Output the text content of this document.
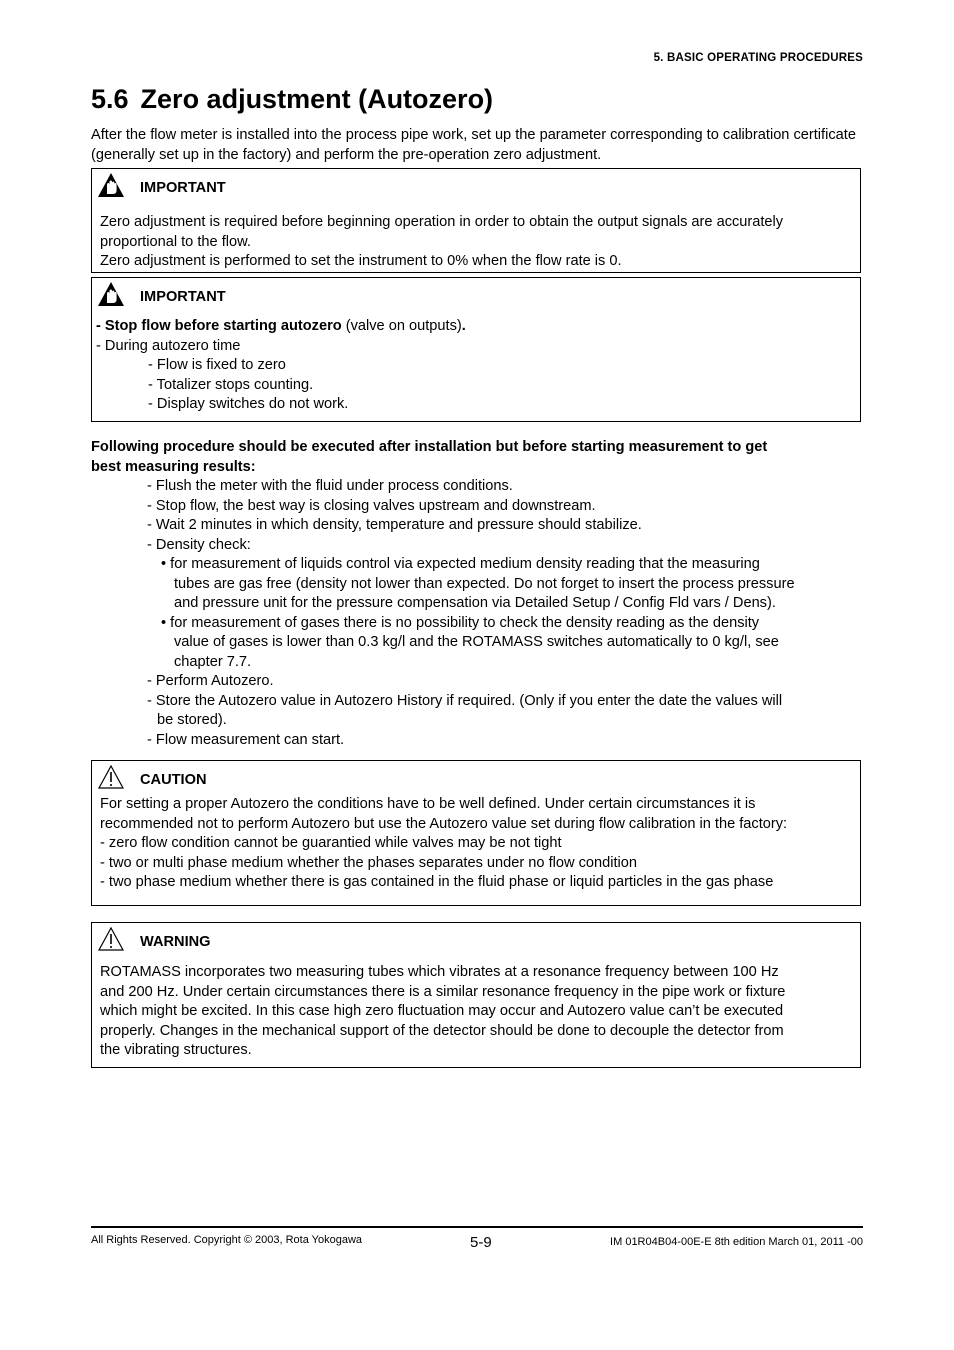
5. BASIC OPERATING PROCEDURES
5.6 Zero adjustment (Autozero)
After the flow meter is installed into the process pipe work, set up the parameter corresponding to calibration certificate (generally set up in the factory) and perform the pre-operation zero adjustment.
IMPORTANT
Zero adjustment is required before beginning operation in order to obtain the output signals are accurately
proportional to the flow.
Zero adjustment is performed to set the instrument to 0% when the flow rate is 0.
IMPORTANT
- Stop flow before starting autozero (valve on outputs).
- During autozero time
- Flow is fixed to zero
- Totalizer stops counting.
- Display switches do not work.
Following procedure should be executed after installation but before starting measurement to get
best measuring results:
- Flush the meter with the fluid under process conditions.
- Stop flow, the best way is closing valves upstream and downstream.
- Wait 2 minutes in which density, temperature and pressure should stabilize.
- Density check:
• for measurement of liquids control via expected medium density reading that the measuring
tubes are gas free (density not lower than expected. Do not forget to insert the process pressure
and pressure unit for the pressure compensation via Detailed Setup / Config Fld vars / Dens).
• for measurement of gases there is no possibility to check the density reading as the density
value of gases is lower than 0.3 kg/l and the ROTAMASS switches automatically to 0 kg/l, see
chapter 7.7.
- Perform Autozero.
- Store the Autozero value in Autozero History if required. (Only if you enter the date the values will
be stored).
- Flow measurement can start.
CAUTION
For setting a proper Autozero the conditions have to be well defined. Under certain circumstances it is
recommended not to perform Autozero but use the Autozero value set during flow calibration in the factory:
- zero flow condition cannot be guarantied while valves may be not tight
- two or multi phase medium whether the phases separates under no flow condition
- two phase medium whether there is gas contained in the fluid phase or liquid particles in the gas phase
WARNING
ROTAMASS incorporates two measuring tubes which vibrates at a resonance frequency between 100 Hz
and 200 Hz. Under certain circumstances there is a similar resonance frequency in the pipe work or fixture
which might be excited. In this case high zero fluctuation may occur and Autozero value can’t be executed
properly. Changes in the mechanical support of the detector should be done to decouple the detector from
the vibrating structures.
All Rights Reserved. Copyright © 2003, Rota Yokogawa	5-9	IM 01R04B04-00E-E 8th edition March 01, 2011 -00
